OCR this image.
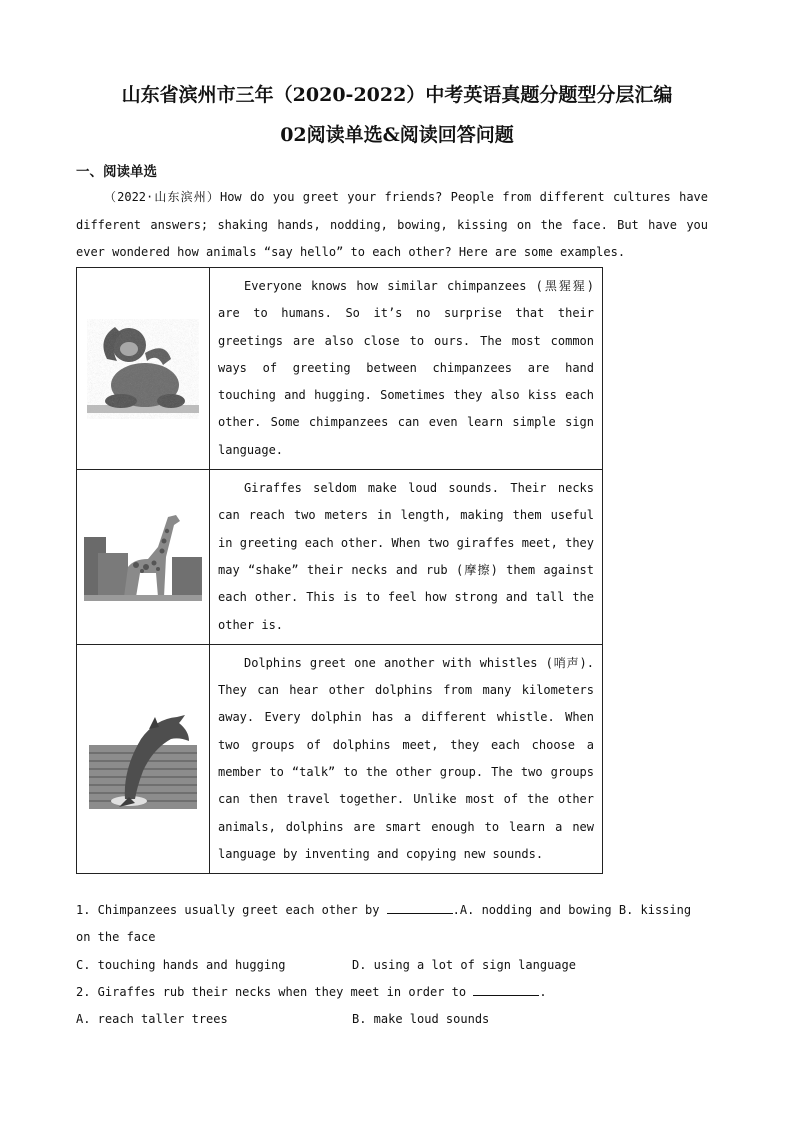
山东省滨州市三年（2020-2022）中考英语真题分题型分层汇编
02阅读单选&阅读回答问题
一、阅读单选
（2022·山东滨州）How do you greet your friends? People from different cultures have different answers; shaking hands, nodding, bowing, kissing on the face. But have you ever wondered how animals “say hello” to each other? Here are some examples.

Everyone knows how similar chimpanzees (黑猩猩) are to humans. So it’s no surprise that their greetings are also close to ours. The most common ways of greeting between chimpanzees are hand touching and hugging. Sometimes they also kiss each other. Some chimpanzees can even learn simple sign language.

Giraffes seldom make loud sounds. Their necks can reach two meters in length, making them useful in greeting each other. When two giraffes meet, they may “shake” their necks and rub (摩擦) them against each other. This is to feel how strong and tall the other is.

Dolphins greet one another with whistles (哨声). They can hear other dolphins from many kilometers away. Every dolphin has a different whistle. When two groups of dolphins meet, they each choose a member to “talk” to the other group. The two groups can then travel together. Unlike most of the other animals, dolphins are smart enough to learn a new language by inventing and copying new sounds.

1. Chimpanzees usually greet each other by	.A. nodding and bowing B. kissing on the face
C. touching hands and hugging	D. using a lot of sign language
2. Giraffes rub their necks when they meet in order to	.
A. reach taller trees	B. make loud sounds
